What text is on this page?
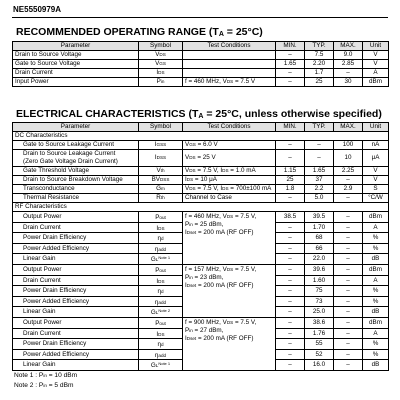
NE5550979A
RECOMMENDED OPERATING RANGE $(T_A = 25^\circ C)$
Parameter	Symbol	Test Conditions	MIN.	TYP.	MAX.	Unit
Drain to Source Voltage	VDS		–	7.5	9.0	V
Gate to Source Voltage	VGS		1.65	2.20	2.85	V
Drain Current	IDS		–	1.7	–	A
Input Power	Pin	f = 460 MHz, VDS = 7.5 V	–	25	30	dBm
ELECTRICAL CHARACTERISTICS ($T_A = 25^\circ C$, unless otherwise specified)
Parameter	Symbol	Test Conditions	MIN.	TYP.	MAX.	Unit
DC Characteristics						
Gate to Source Leakage Current	IGSS	VGS = 6.0 V	–	–	100	nA
Drain to Source Leakage Current
(Zero Gate Voltage Drain Current)	IDSS	VDS = 25 V	–	–	10	μA
Gate Threshold Voltage	Vth	VDS = 7.5 V, IDS = 1.0 mA	1.15	1.65	2.25	V
Drain to Source Breakdown Voltage	BVDSS	IDS = 10 μA	25	37	–	V
Transconductance	Gm	VDS = 7.5 V, IDS = 700±100 mA	1.8	2.2	2.9	S
Thermal Resistance	Rth	Channel to Case	–	5.0	–	°C/W
RF Characteristics						
Output Power	Pout	f = 460 MHz, VDS = 7.5 V,
Pin = 25 dBm,
IDset = 200 mA (RF OFF)	38.5	39.5	–	dBm
Drain Current	IDS		–	1.70	–	A
Power Drain Efficiency	ηd		–	68	–	%
Power Added Efficiency	ηadd		–	66	–	%
Linear Gain	$GL^{Note 1}$		–	22.0	–	dB
Output Power	Pout	f = 157 MHz, VDS = 7.5 V,
Pin = 23 dBm,
IDset = 200 mA (RF OFF)	–	39.6	–	dBm
Drain Current	IDS		–	1.60	–	A
Power Drain Efficiency	ηd		–	75	–	%
Power Added Efficiency	ηadd		–	73	–	%
Linear Gain	$GL^{Note 2}$		–	25.0	–	dB
Output Power	Pout	f = 900 MHz, VDS = 7.5 V,
Pin = 27 dBm,
IDset = 200 mA (RF OFF)	–	38.6	–	dBm
Drain Current	IDS		–	1.76	–	A
Power Drain Efficiency	ηd		–	55	–	%
Power Added Efficiency	ηadd		–	52	–	%
Linear Gain	$GL^{Note 1}$		–	16.0	–	dB
Note 1 : Pin = 10 dBm
Note 2 : Pin = 5 dBm
